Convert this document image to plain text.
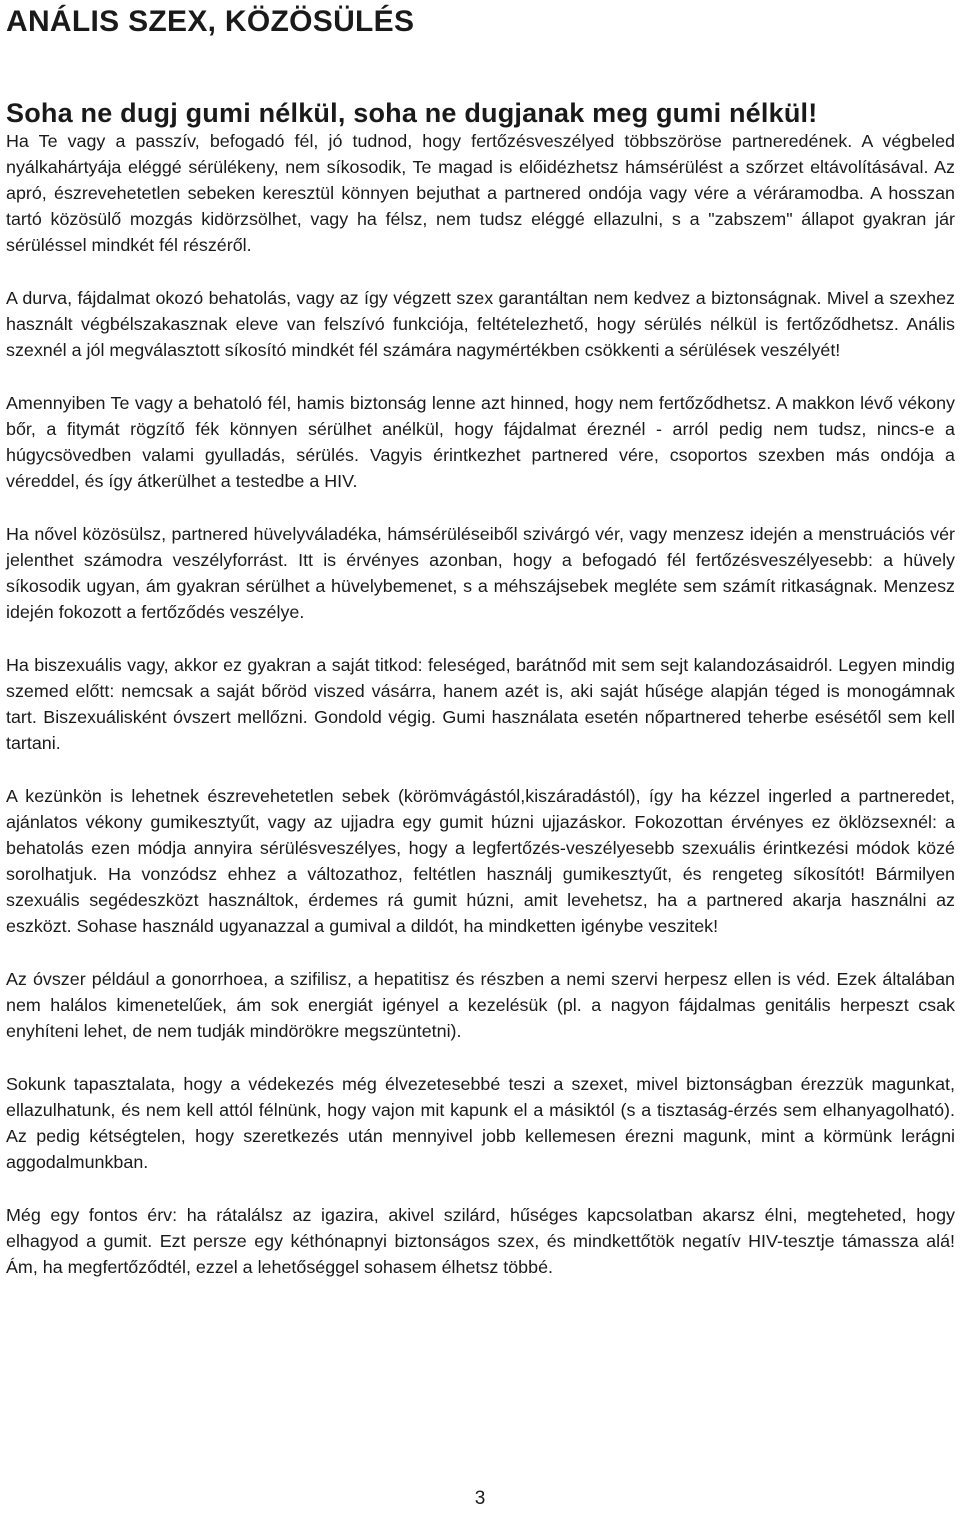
ANÁLIS SZEX, KÖZÖSÜLÉS
Soha ne dugj gumi nélkül, soha ne dugjanak meg gumi nélkül!

Ha Te vagy a passzív, befogadó fél, jó tudnod, hogy fertőzésveszélyed többszöröse partneredének. A végbeled nyálkahártyája eléggé sérülékeny, nem síkosodik, Te magad is előidézhetsz hámsérülést a szőrzet eltávolításával. Az apró, észrevehetetlen sebeken keresztül könnyen bejuthat a partnered ondója vagy vére a véráramodba. A hosszan tartó közösülő mozgás kidörzsölhet, vagy ha félsz, nem tudsz eléggé ellazulni, s a "zabszem" állapot gyakran jár sérüléssel mindkét fél részéről.

A durva, fájdalmat okozó behatolás, vagy az így végzett szex garantáltan nem kedvez a biztonságnak. Mivel a szexhez használt végbélszakasznak eleve van felszívó funkciója, feltételezhető, hogy sérülés nélkül is fertőződhetsz. Anális szexnél a jól megválasztott síkosító mindkét fél számára nagymértékben csökkenti a sérülések veszélyét!

Amennyiben Te vagy a behatoló fél, hamis biztonság lenne azt hinned, hogy nem fertőződhetsz. A makkon lévő vékony bőr, a fitymát rögzítő fék könnyen sérülhet anélkül, hogy fájdalmat éreznél - arról pedig nem tudsz, nincs-e a húgycsövedben valami gyulladás, sérülés. Vagyis érintkezhet partnered vére, csoportos szexben más ondója a véreddel, és így átkerülhet a testedbe a HIV.

Ha nővel közösülsz, partnered hüvelyváladéka, hámsérüléseiből szivárgó vér, vagy menzesz idején a menstruációs vér jelenthet számodra veszélyforrást. Itt is érvényes azonban, hogy a befogadó fél fertőzésveszélyesebb: a hüvely síkosodik ugyan, ám gyakran sérülhet a hüvelybemenet, s a méhszájsebek megléte sem számít ritkaságnak. Menzesz idején fokozott a fertőződés veszélye.

Ha biszexuális vagy, akkor ez gyakran a saját titkod: feleséged, barátnőd mit sem sejt kalandozásaidról. Legyen mindig szemed előtt: nemcsak a saját bőröd viszed vásárra, hanem azét is, aki saját hűsége alapján téged is monogámnak tart. Biszexuálisként óvszert mellőzni. Gondold végig. Gumi használata esetén nőpartnered teherbe esésétől sem kell tartani.

A kezünkön is lehetnek észrevehetetlen sebek (körömvágástól,kiszáradástól), így ha kézzel ingerled a partneredet, ajánlatos vékony gumikesztyűt, vagy az ujjadra egy gumit húzni ujjazáskor. Fokozottan érvényes ez öklözsexnél: a behatolás ezen módja annyira sérülésveszélyes, hogy a legfertőzés-veszélyesebb szexuális érintkezési módok közé sorolhatjuk. Ha vonzódsz ehhez a változathoz, feltétlen használj gumikesztyűt, és rengeteg síkosítót! Bármilyen szexuális segédeszközt használtok, érdemes rá gumit húzni, amit levehetsz, ha a partnered akarja használni az eszközt. Sohase használd ugyanazzal a gumival a dildót, ha mindketten igénybe veszitek!

Az óvszer például a gonorrhoea, a szifilisz, a hepatitisz és részben a nemi szervi herpesz ellen is véd. Ezek általában nem halálos kimenetelűek, ám sok energiát igényel a kezelésük (pl. a nagyon fájdalmas genitális herpeszt csak enyhíteni lehet, de nem tudják mindörökre megszüntetni).

Sokunk tapasztalata, hogy a védekezés még élvezetesebbé teszi a szexet, mivel biztonságban érezzük magunkat, ellazulhatunk, és nem kell attól félnünk, hogy vajon mit kapunk el a másiktól (s a tisztaság-érzés sem elhanyagolható). Az pedig kétségtelen, hogy szeretkezés után mennyivel jobb kellemesen érezni magunk, mint a körmünk lerágni aggodalmunkban.

Még egy fontos érv: ha rátalálsz az igazira, akivel szilárd, hűséges kapcsolatban akarsz élni, megteheted, hogy elhagyod a gumit. Ezt persze egy kéthónapnyi biztonságos szex, és mindkettőtök negatív HIV-tesztje támassza alá! Ám, ha megfertőződtél, ezzel a lehetőséggel sohasem élhetsz többé.

3
